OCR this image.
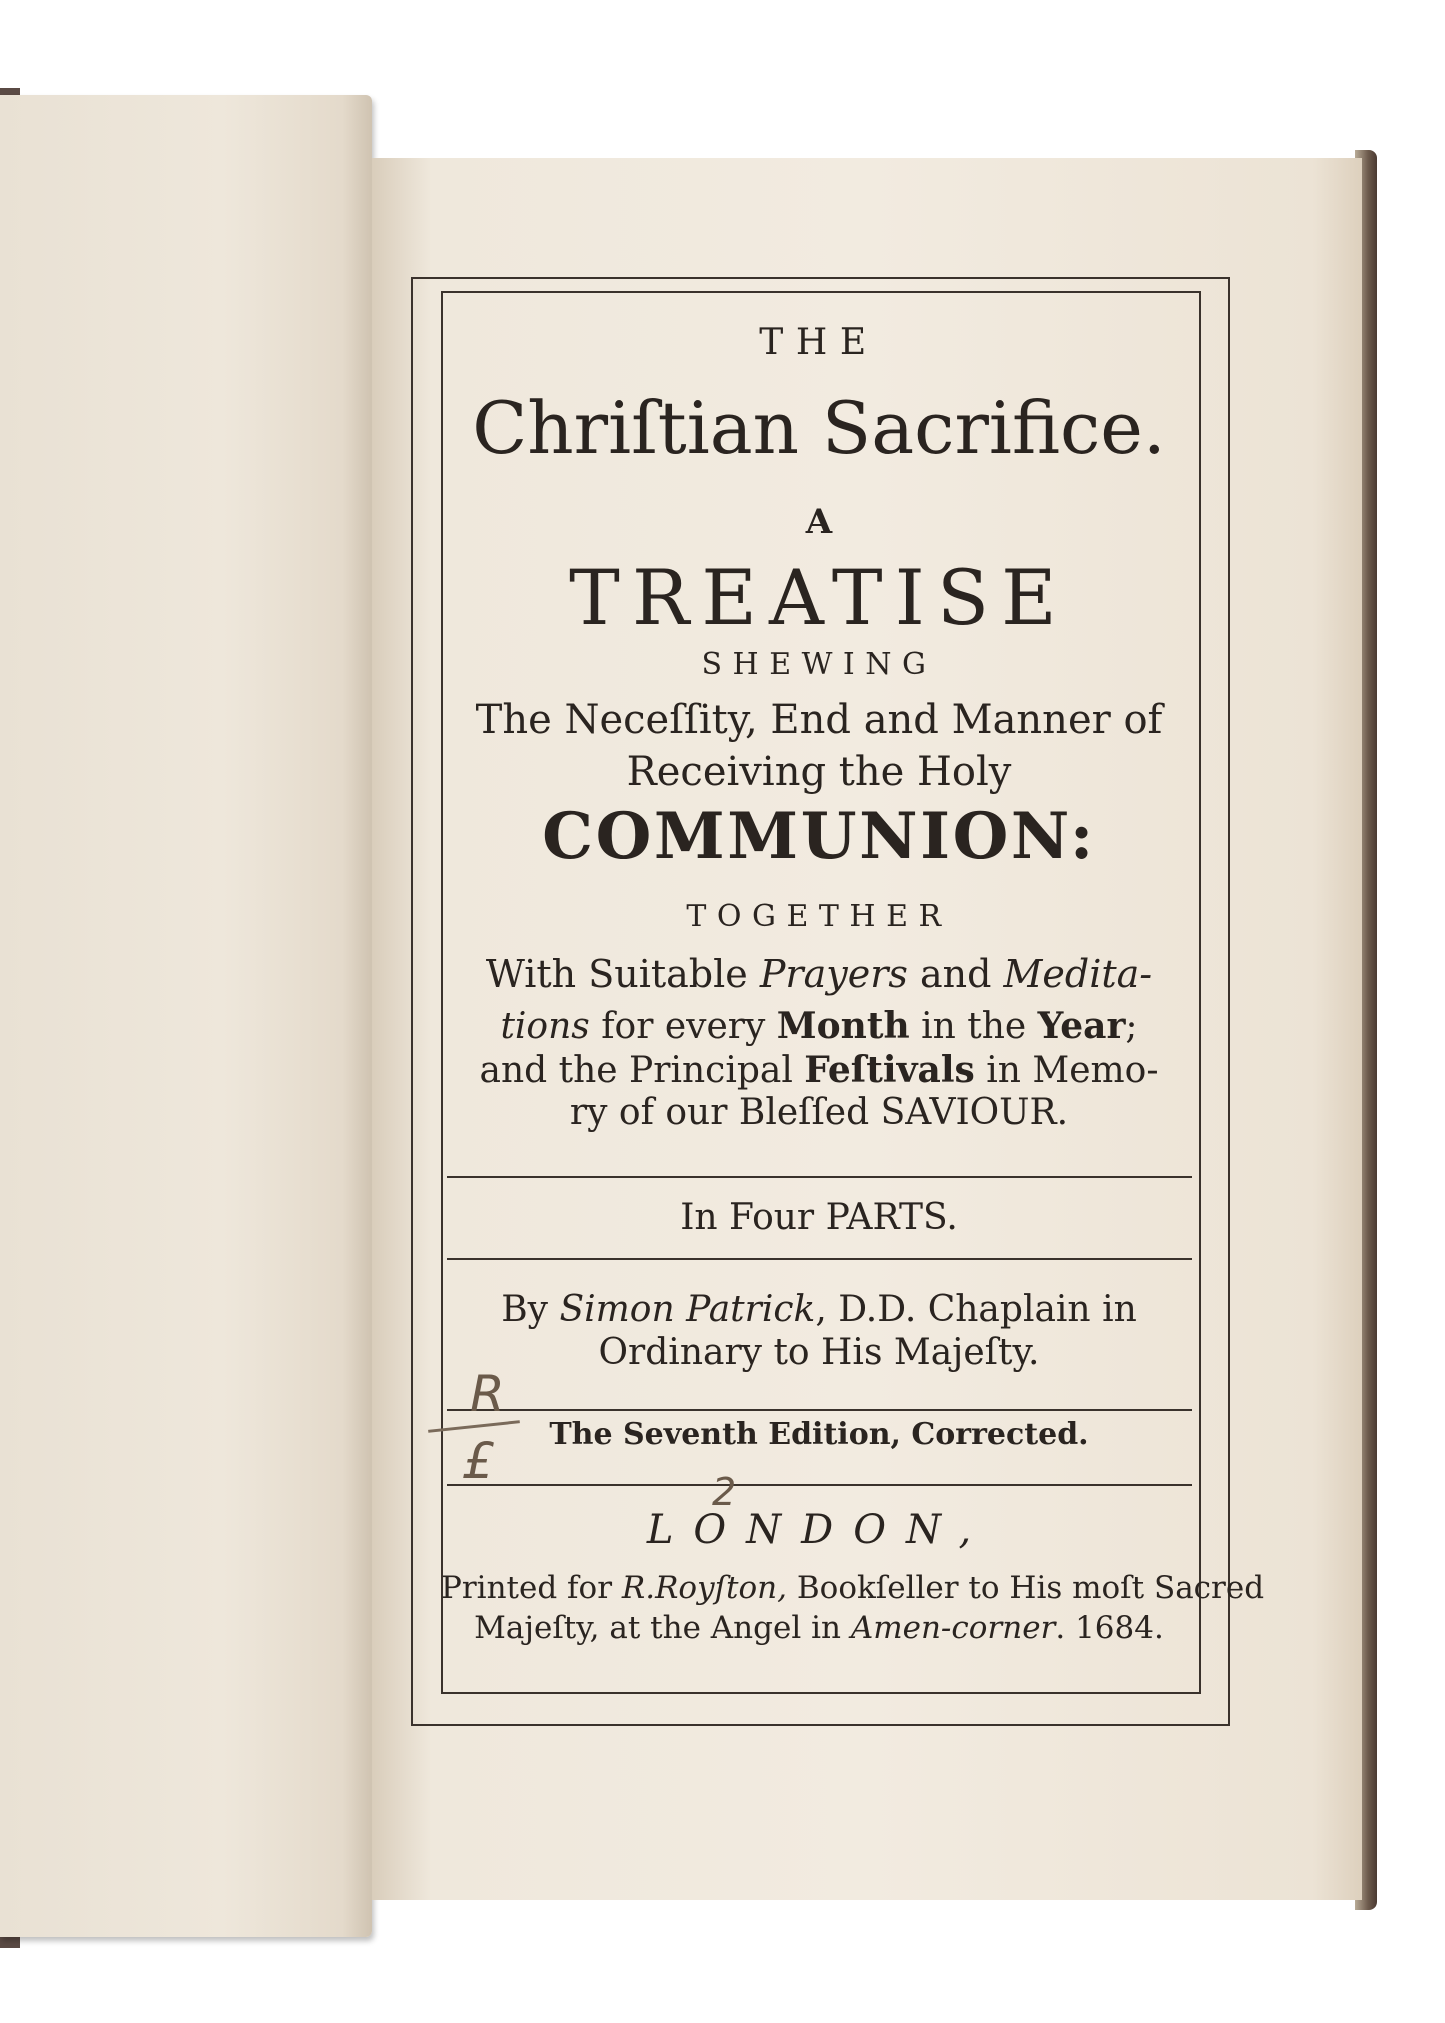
THE
Chriſtian Sacrifice.
A
TREATISE
SHEWING
The Neceſſity, End and Manner of
Receiving the Holy
COMMUNION:
TOGETHER
With Suitable Prayers and Medita-
tions for every Month in the Year;
and the Principal Feſtivals in Memo-
ry of our Bleſſed SAVIOUR.
In Four PARTS.
By Simon Patrick, D.D. Chaplain in
Ordinary to His Majeſty.
The Seventh Edition, Corrected.
LONDON,
Printed for R.Royſton, Bookſeller to His moſt Sacred
Majeſty, at the Angel in Amen-corner. 1684.
R
£
2
